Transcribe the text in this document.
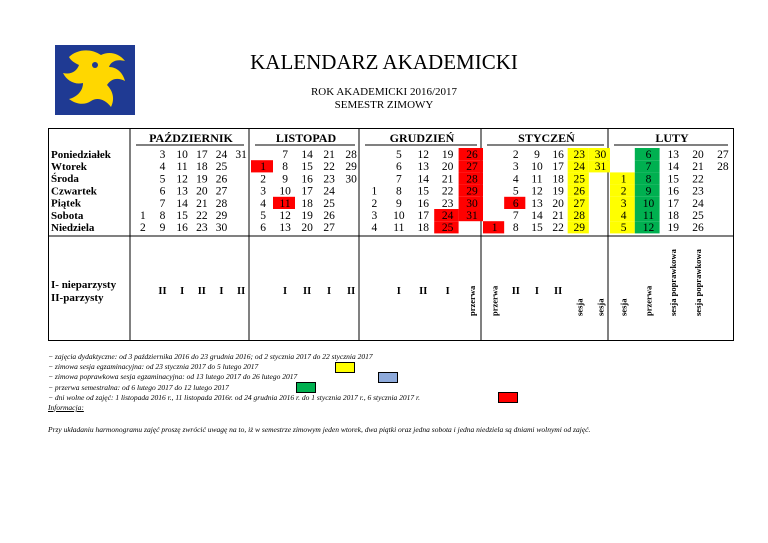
KALENDARZ AKADEMICKI
ROK AKADEMICKI 2016/2017
SEMESTR ZIMOWY
Poniedziałek
Wtorek
Środa
Czwartek
Piątek
Sobota
Niedziela
I- nieparzysty
II-parzysty
PAŹDZIERNIK
3 10 17 24 31
4 11 18 25
5 12 19 26
6 13 20 27
7 14 21 28
1 8 15 22 29
2 9 16 23 30
II I II I II
LISTOPAD
7 14 21 28
1 8 15 22 29
2 9 16 23 30
3 10 17 24
4 11 18 25
5 12 19 26
6 13 20 27
I II I II
GRUDZIEŃ
5 12 19 26
6 13 20 27
7 14 21 28
1 8 15 22 29
2 9 16 23 30
3 10 17 24 31
4 11 18 25
I II I przerwa
STYCZEŃ
2 9 16 23 30
3 10 17 24 31
4 11 18 25
5 12 19 26
6 13 20 27
7 14 21 28
1 8 15 22 29
przerwa II I II
sesja sesja
LUTY
6 13 20 27
7 14 21 28
1 8 15 22
2 9 16 23
3 10 17 24
4 11 18 25
5 12 19 26
sesja przerwa sesja poprawkowa sesja poprawkowa
− zajęcia dydaktyczne: od 3 października 2016 do 23 grudnia 2016; od 2 stycznia 2017 do 22 stycznia 2017
− zimowa sesja egzaminacyjna: od 23 stycznia 2017 do 5 lutego 2017
− zimowa poprawkowa sesja egzaminacyjna: od 13 lutego 2017 do 26 lutego 2017
− przerwa semestralna: od 6 lutego 2017 do 12 lutego 2017
− dni wolne od zajęć: 1 listopada 2016 r., 11 listopada 2016r. od 24 grudnia 2016 r. do 1 stycznia 2017 r., 6 stycznia 2017 r.
Informacja:
Przy układaniu harmonogramu zajęć proszę zwrócić uwagę na to, iż w semestrze zimowym jeden wtorek, dwa piątki oraz jedna sobota i jedna niedziela są dniami wolnymi od zajęć.
